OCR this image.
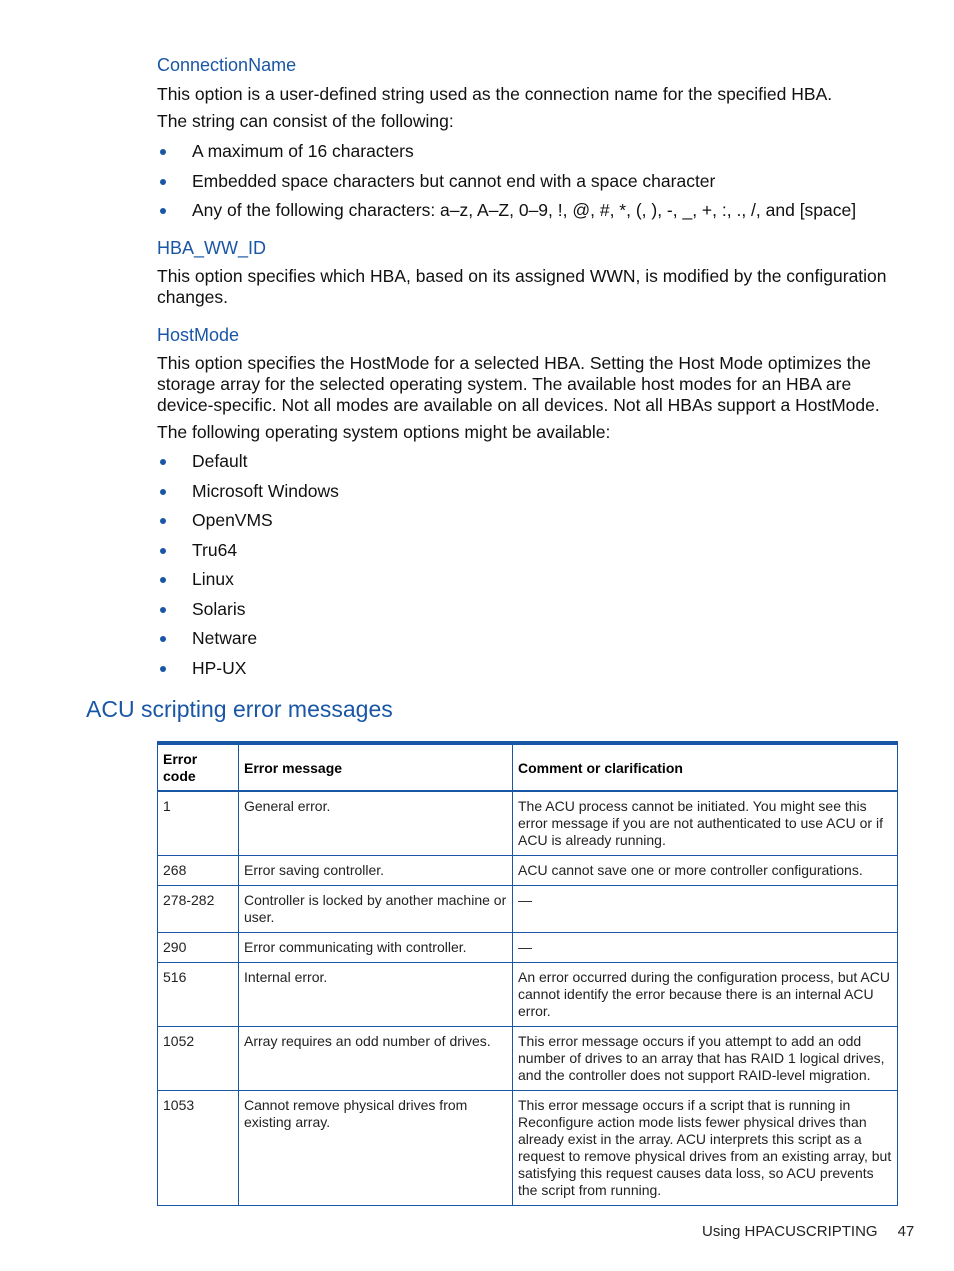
ConnectionName
This option is a user-defined string used as the connection name for the specified HBA.
The string can consist of the following:
A maximum of 16 characters
Embedded space characters but cannot end with a space character
Any of the following characters: a–z, A–Z, 0–9, !, @, #, *, (, ), -, _, +, :, ., /, and [space]
HBA_WW_ID
This option specifies which HBA, based on its assigned WWN, is modified by the configuration changes.
HostMode
This option specifies the HostMode for a selected HBA. Setting the Host Mode optimizes the storage array for the selected operating system. The available host modes for an HBA are device-specific. Not all modes are available on all devices. Not all HBAs support a HostMode.
The following operating system options might be available:
Default
Microsoft Windows
OpenVMS
Tru64
Linux
Solaris
Netware
HP-UX
ACU scripting error messages
Error code	Error message	Comment or clarification
1	General error.	The ACU process cannot be initiated. You might see this error message if you are not authenticated to use ACU or if ACU is already running.
268	Error saving controller.	ACU cannot save one or more controller configurations.
278-282	Controller is locked by another machine or user.	—
290	Error communicating with controller.	—
516	Internal error.	An error occurred during the configuration process, but ACU cannot identify the error because there is an internal ACU error.
1052	Array requires an odd number of drives.	This error message occurs if you attempt to add an odd number of drives to an array that has RAID 1 logical drives, and the controller does not support RAID-level migration.
1053	Cannot remove physical drives from existing array.	This error message occurs if a script that is running in Reconfigure action mode lists fewer physical drives than already exist in the array. ACU interprets this script as a request to remove physical drives from an existing array, but satisfying this request causes data loss, so ACU prevents the script from running.
Using HPACUSCRIPTING 47
